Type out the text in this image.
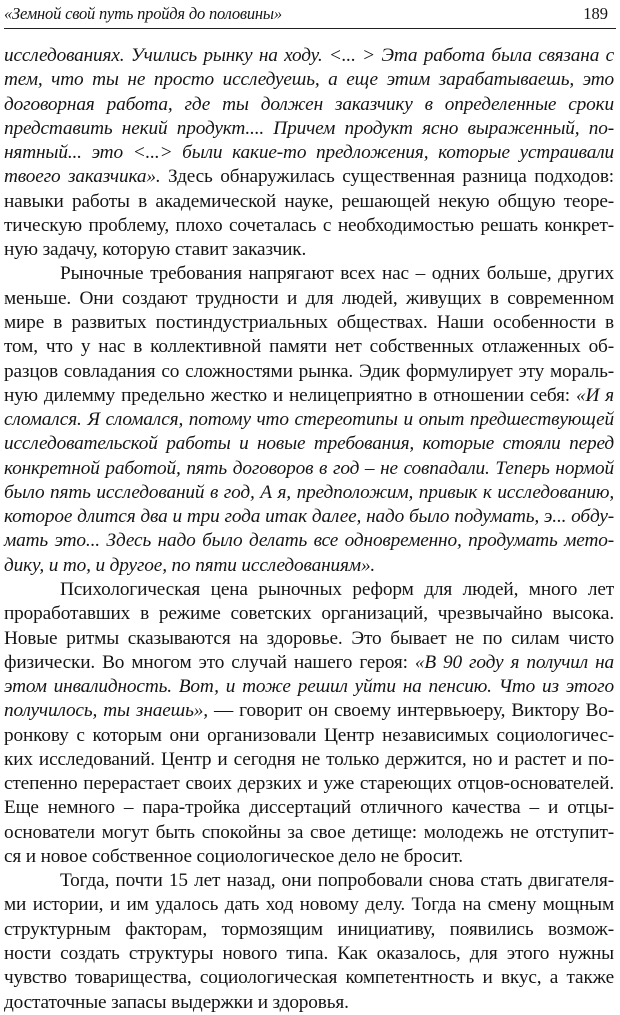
«Земной свой путь пройдя до половины»	189
исследованиях. Учились рынку на ходу. <... > Эта работа была связана с
тем, что ты не просто исследуешь, а еще этим зарабатываешь, это
договорная работа, где ты должен заказчику в определенные сроки
представить некий продукт.... Причем продукт ясно выраженный, по-
нятный... это <...> были какие-то предложения, которые устраивали
твоего заказчика». Здесь обнаружилась существенная разница подходов:
навыки работы в академической науке, решающей некую общую теоре-
тическую проблему, плохо сочеталась с необходимостью решать конкрет-
ную задачу, которую ставит заказчик.
Рыночные требования напрягают всех нас – одних больше, других
меньше. Они создают трудности и для людей, живущих в современном
мире в развитых постиндустриальных обществах. Наши особенности в
том, что у нас в коллективной памяти нет собственных отлаженных об-
разцов совладания со сложностями рынка. Эдик формулирует эту мораль-
ную дилемму предельно жестко и нелицеприятно в отношении себя: «И я
сломался. Я сломался, потому что стереотипы и опыт предшествующей
исследовательской работы и новые требования, которые стояли перед
конкретной работой, пять договоров в год – не совпадали. Теперь нормой
было пять исследований в год, А я, предположим, привык к исследованию,
которое длится два и три года итак далее, надо было подумать, э... обду-
мать это... Здесь надо было делать все одновременно, продумать мето-
дику, и то, и другое, по пяти исследованиям».
Психологическая цена рыночных реформ для людей, много лет
проработавших в режиме советских организаций, чрезвычайно высока.
Новые ритмы сказываются на здоровье. Это бывает не по силам чисто
физически. Во многом это случай нашего героя: «В 90 году я получил на
этом инвалидность. Вот, и тоже решил уйти на пенсию. Что из этого
получилось, ты знаешь», — говорит он своему интервьюеру, Виктору Во-
ронкову с которым они организовали Центр независимых социологичес-
ких исследований. Центр и сегодня не только держится, но и растет и по-
степенно перерастает своих дерзких и уже стареющих отцов-основателей.
Еще немного – пара-тройка диссертаций отличного качества – и отцы-
основатели могут быть спокойны за свое детище: молодежь не отступит-
ся и новое собственное социологическое дело не бросит.
Тогда, почти 15 лет назад, они попробовали снова стать двигателя-
ми истории, и им удалось дать ход новому делу. Тогда на смену мощным
структурным факторам, тормозящим инициативу, появились возмож-
ности создать структуры нового типа. Как оказалось, для этого нужны
чувство товарищества, социологическая компетентность и вкус, а также
достаточные запасы выдержки и здоровья.
